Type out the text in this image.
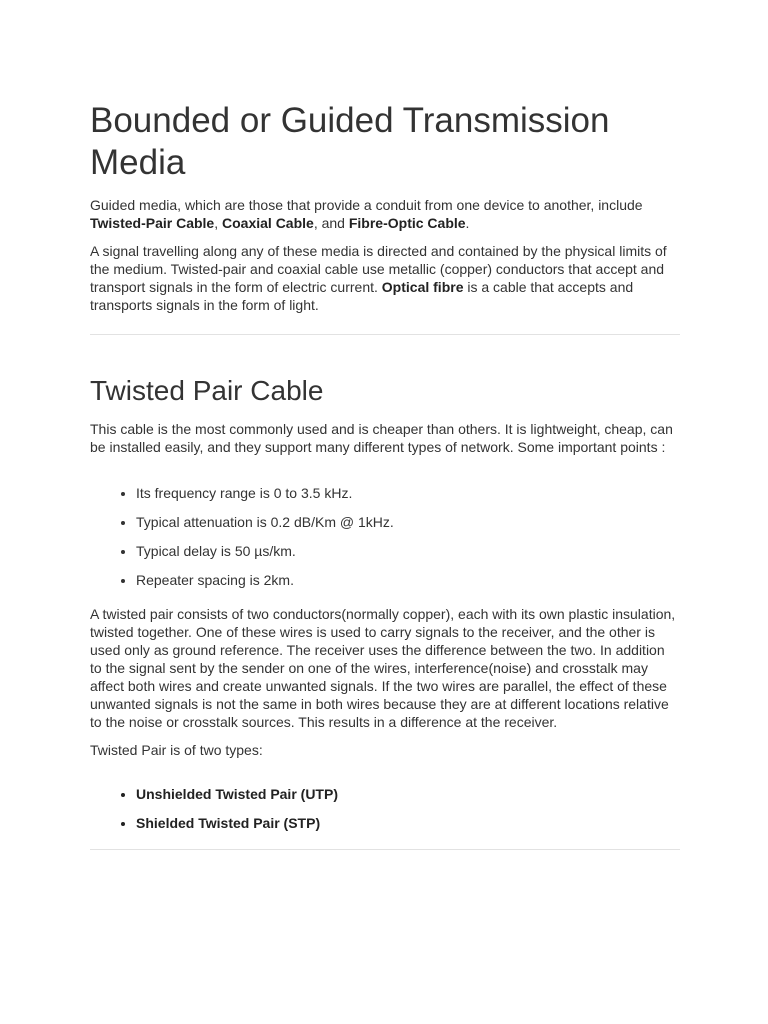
Bounded or Guided Transmission Media

Guided media, which are those that provide a conduit from one device to another, include Twisted-Pair Cable, Coaxial Cable, and Fibre-Optic Cable.

A signal travelling along any of these media is directed and contained by the physical limits of the medium. Twisted-pair and coaxial cable use metallic (copper) conductors that accept and transport signals in the form of electric current. Optical fibre is a cable that accepts and transports signals in the form of light.

Twisted Pair Cable

This cable is the most commonly used and is cheaper than others. It is lightweight, cheap, can be installed easily, and they support many different types of network. Some important points :

• Its frequency range is 0 to 3.5 kHz.
• Typical attenuation is 0.2 dB/Km @ 1kHz.
• Typical delay is 50 µs/km.
• Repeater spacing is 2km.

A twisted pair consists of two conductors(normally copper), each with its own plastic insulation, twisted together. One of these wires is used to carry signals to the receiver, and the other is used only as ground reference. The receiver uses the difference between the two. In addition to the signal sent by the sender on one of the wires, interference(noise) and crosstalk may affect both wires and create unwanted signals. If the two wires are parallel, the effect of these unwanted signals is not the same in both wires because they are at different locations relative to the noise or crosstalk sources. This results in a difference at the receiver.

Twisted Pair is of two types:

• Unshielded Twisted Pair (UTP)
• Shielded Twisted Pair (STP)
